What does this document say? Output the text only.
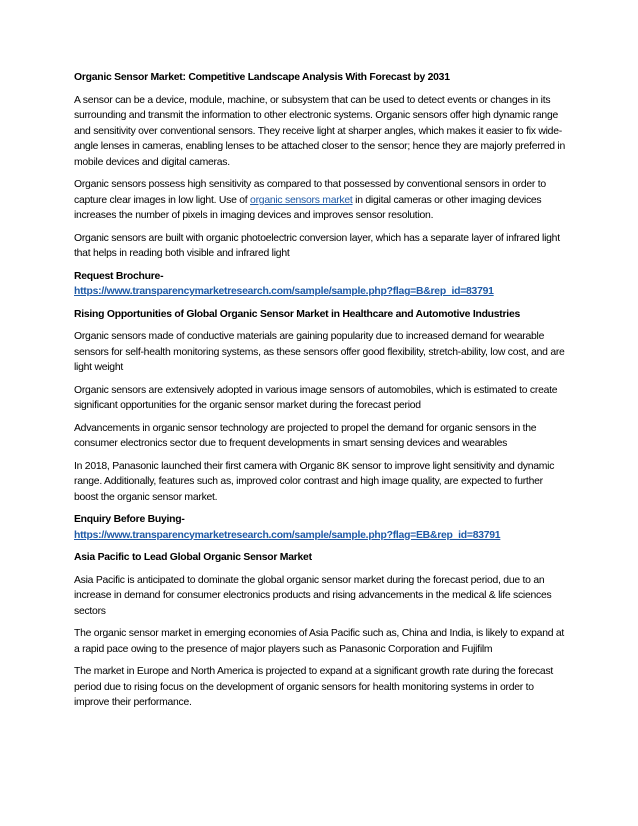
Organic Sensor Market: Competitive Landscape Analysis With Forecast by 2031

A sensor can be a device, module, machine, or subsystem that can be used to detect events or changes in its surrounding and transmit the information to other electronic systems. Organic sensors offer high dynamic range and sensitivity over conventional sensors. They receive light at sharper angles, which makes it easier to fix wide-angle lenses in cameras, enabling lenses to be attached closer to the sensor; hence they are majorly preferred in mobile devices and digital cameras.

Organic sensors possess high sensitivity as compared to that possessed by conventional sensors in order to capture clear images in low light. Use of organic sensors market in digital cameras or other imaging devices increases the number of pixels in imaging devices and improves sensor resolution.

Organic sensors are built with organic photoelectric conversion layer, which has a separate layer of infrared light that helps in reading both visible and infrared light

Request Brochure-
https://www.transparencymarketresearch.com/sample/sample.php?flag=B&rep_id=83791

Rising Opportunities of Global Organic Sensor Market in Healthcare and Automotive Industries

Organic sensors made of conductive materials are gaining popularity due to increased demand for wearable sensors for self-health monitoring systems, as these sensors offer good flexibility, stretch-ability, low cost, and are light weight

Organic sensors are extensively adopted in various image sensors of automobiles, which is estimated to create significant opportunities for the organic sensor market during the forecast period

Advancements in organic sensor technology are projected to propel the demand for organic sensors in the consumer electronics sector due to frequent developments in smart sensing devices and wearables

In 2018, Panasonic launched their first camera with Organic 8K sensor to improve light sensitivity and dynamic range. Additionally, features such as, improved color contrast and high image quality, are expected to further boost the organic sensor market.

Enquiry Before Buying-
https://www.transparencymarketresearch.com/sample/sample.php?flag=EB&rep_id=83791

Asia Pacific to Lead Global Organic Sensor Market

Asia Pacific is anticipated to dominate the global organic sensor market during the forecast period, due to an increase in demand for consumer electronics products and rising advancements in the medical & life sciences sectors

The organic sensor market in emerging economies of Asia Pacific such as, China and India, is likely to expand at a rapid pace owing to the presence of major players such as Panasonic Corporation and Fujifilm

The market in Europe and North America is projected to expand at a significant growth rate during the forecast period due to rising focus on the development of organic sensors for health monitoring systems in order to improve their performance.
